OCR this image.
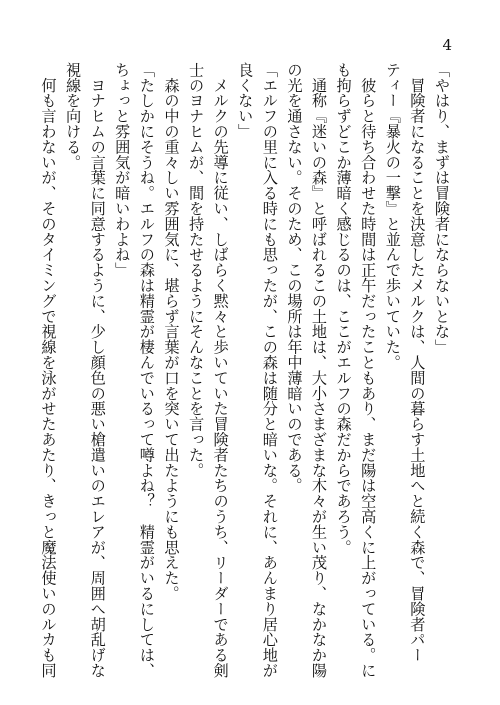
4
「やはり、まずは冒険者にならないとな」
　冒険者になることを決意したメルクは、人間の暮らす土地へと続く森で、冒険者パー
ティー『暴火の一撃』と並んで歩いていた。
　彼らと待ち合わせた時間は正午だったこともあり、まだ陽は空高くに上がっている。に
も拘らずどこか薄暗く感じるのは、ここがエルフの森だからであろう。
　通称『迷いの森』と呼ばれるこの土地は、大小さまざまな木々が生い茂り、なかなか陽
の光を通さない。そのため、この場所は年中薄暗いのである。
「エルフの里に入る時にも思ったが、この森は随分と暗いな。それに、あんまり居心地が
良くない」
　メルクの先導に従い、しばらく黙々と歩いていた冒険者たちのうち、リーダーである剣
士のヨナヒムが、間を持たせるようにそんなことを言った。
　森の中の重々しい雰囲気に、堪らず言葉が口を突いて出たようにも思えた。
「たしかにそうね。エルフの森は精霊が棲んでいるって噂よね？　精霊がいるにしては、
ちょっと雰囲気が暗いわよね」
　ヨナヒムの言葉に同意するように、少し顔色の悪い槍遣いのエレアが、周囲へ胡乱げな
視線を向ける。
　何も言わないが、そのタイミングで視線を泳がせたあたり、きっと魔法使いのルカも同
